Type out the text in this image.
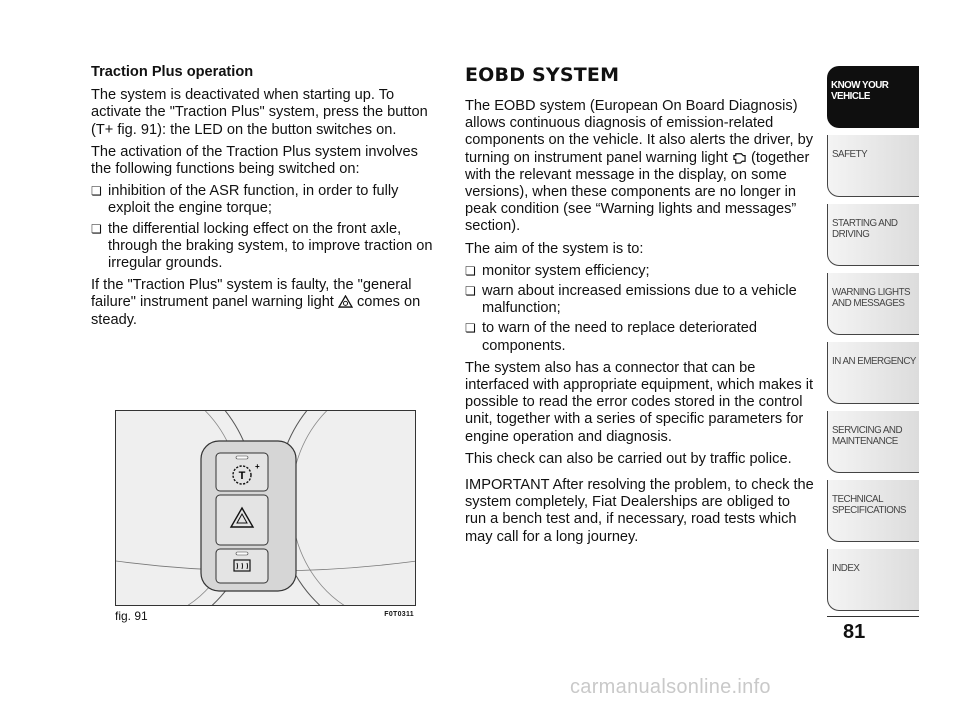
Traction Plus operation

The system is deactivated when starting up. To activate the "Traction Plus" system, press the button (T+ fig. 91): the LED on the button switches on.

The activation of the Traction Plus system involves the following functions being switched on:

❏ inhibition of the ASR function, in order to fully exploit the engine torque;
❏ the differential locking effect on the front axle, through the braking system, to improve traction on irregular grounds.

If the "Traction Plus" system is faulty, the "general failure" instrument panel warning light comes on steady.

EOBD SYSTEM

The EOBD system (European On Board Diagnosis) allows continuous diagnosis of emission-related components on the vehicle. It also alerts the driver, by turning on instrument panel warning light (together with the relevant message in the display, on some versions), when these components are no longer in peak condition (see “Warning lights and messages” section).

The aim of the system is to:

❏ monitor system efficiency;
❏ warn about increased emissions due to a vehicle malfunction;
❏ to warn of the need to replace deteriorated components.

The system also has a connector that can be interfaced with appropriate equipment, which makes it possible to read the error codes stored in the control unit, together with a series of specific parameters for engine operation and diagnosis.

This check can also be carried out by traffic police.

IMPORTANT After resolving the problem, to check the system completely, Fiat Dealerships are obliged to run a bench test and, if necessary, road tests which may call for a long journey.

T
+
fig. 91	F0T0311
KNOW YOUR VEHICLE
SAFETY
STARTING AND DRIVING
WARNING LIGHTS AND MESSAGES
IN AN EMERGENCY
SERVICING AND MAINTENANCE
TECHNICAL SPECIFICATIONS
INDEX
81
carmanualsonline.info
